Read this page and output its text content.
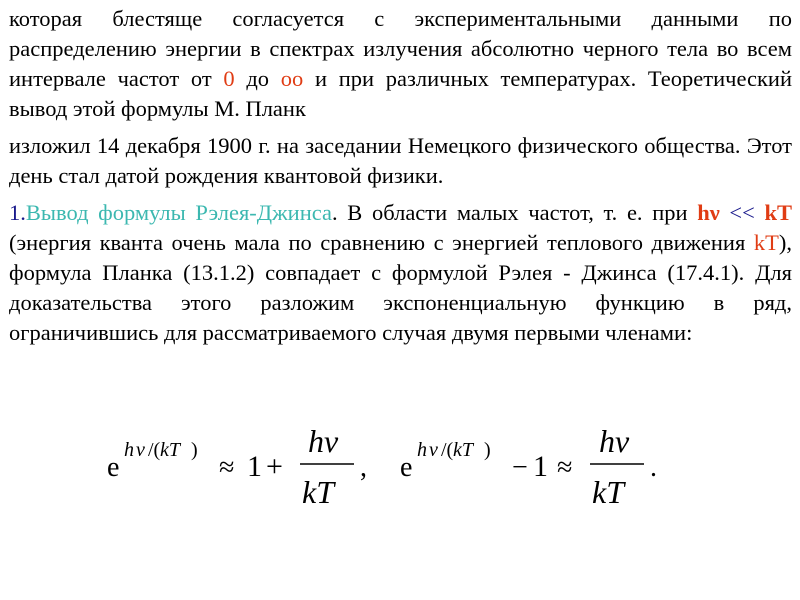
которая блестяще согласуется с экспериментальными данными по распределению энергии в спектрах излучения абсолютно черного тела во всем интервале частот от 0 до oo и при различных температурах. Теоретический вывод этой формулы М. Планк
изложил 14 декабря 1900 г. на заседании Немецкого физического общества. Этот день стал датой рождения квантовой физики.
1.Вывод формулы Рэлея-Джинса. В области малых частот, т. е. при hν << kT (энергия кванта очень мала по сравнению с энергией теплового движения kT), формула Планка (13.1.2) совпадает с формулой Рэлея - Джинса (17.4.1). Для доказательства этого разложим экспоненциальную функцию в ряд, ограничившись для рассматриваемого случая двумя первыми членами:
e
h ν /( kT )
≈ 1 +
hν
kT
, e
h ν /( kT )
− 1 ≈
hν
kT
.
